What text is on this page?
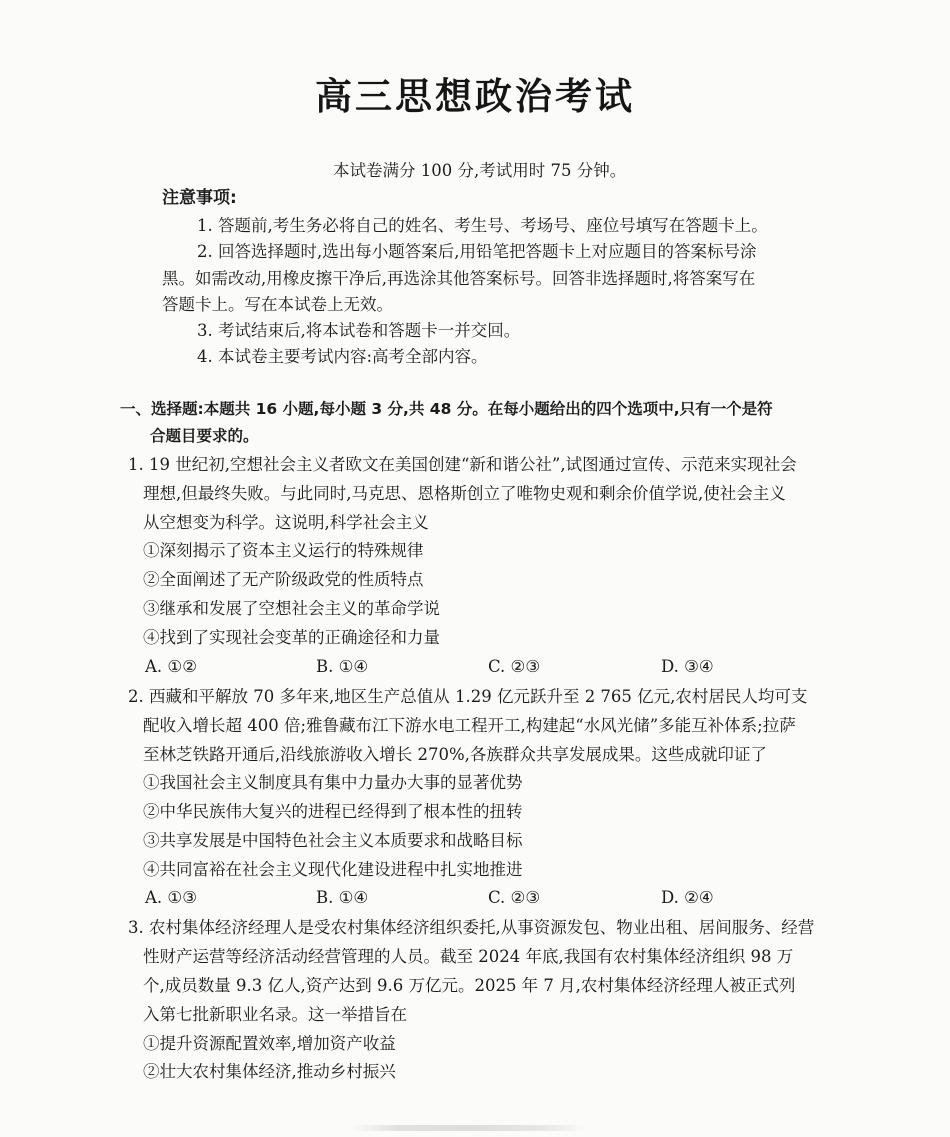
高三思想政治考试
本试卷满分 100 分,考试用时 75 分钟。
注意事项:
1. 答题前,考生务必将自己的姓名、考生号、考场号、座位号填写在答题卡上。
2. 回答选择题时,选出每小题答案后,用铅笔把答题卡上对应题目的答案标号涂
黑。如需改动,用橡皮擦干净后,再选涂其他答案标号。回答非选择题时,将答案写在
答题卡上。写在本试卷上无效。
3. 考试结束后,将本试卷和答题卡一并交回。
4. 本试卷主要考试内容:高考全部内容。
一、选择题:本题共 16 小题,每小题 3 分,共 48 分。在每小题给出的四个选项中,只有一个是符
合题目要求的。
1. 19 世纪初,空想社会主义者欧文在美国创建“新和谐公社”,试图通过宣传、示范来实现社会
理想,但最终失败。与此同时,马克思、恩格斯创立了唯物史观和剩余价值学说,使社会主义
从空想变为科学。这说明,科学社会主义
①深刻揭示了资本主义运行的特殊规律
②全面阐述了无产阶级政党的性质特点
③继承和发展了空想社会主义的革命学说
④找到了实现社会变革的正确途径和力量
A. ①②	B. ①④	C. ②③	D. ③④
2. 西藏和平解放 70 多年来,地区生产总值从 1.29 亿元跃升至 2 765 亿元,农村居民人均可支
配收入增长超 400 倍;雅鲁藏布江下游水电工程开工,构建起“水风光储”多能互补体系;拉萨
至林芝铁路开通后,沿线旅游收入增长 270%,各族群众共享发展成果。这些成就印证了
①我国社会主义制度具有集中力量办大事的显著优势
②中华民族伟大复兴的进程已经得到了根本性的扭转
③共享发展是中国特色社会主义本质要求和战略目标
④共同富裕在社会主义现代化建设进程中扎实地推进
A. ①③	B. ①④	C. ②③	D. ②④
3. 农村集体经济经理人是受农村集体经济组织委托,从事资源发包、物业出租、居间服务、经营
性财产运营等经济活动经营管理的人员。截至 2024 年底,我国有农村集体经济组织 98 万
个,成员数量 9.3 亿人,资产达到 9.6 万亿元。2025 年 7 月,农村集体经济经理人被正式列
入第七批新职业名录。这一举措旨在
①提升资源配置效率,增加资产收益
②壮大农村集体经济,推动乡村振兴
